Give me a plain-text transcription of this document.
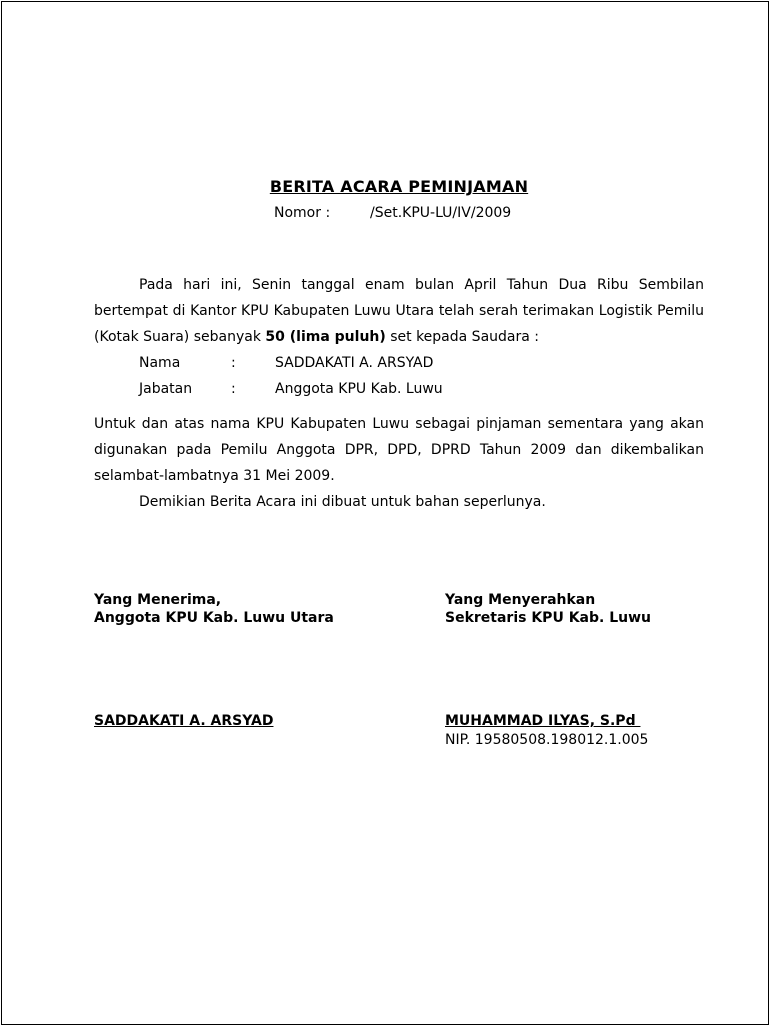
BERITA ACARA PEMINJAMAN
Nomor :	/Set.KPU-LU/IV/2009
Pada hari ini, Senin tanggal enam bulan April Tahun Dua Ribu Sembilan bertempat di Kantor KPU Kabupaten Luwu Utara telah serah terimakan Logistik Pemilu (Kotak Suara) sebanyak 50 (lima puluh) set kepada Saudara :
Nama	:	SADDAKATI A. ARSYAD
Jabatan	:	Anggota KPU Kab. Luwu
Untuk dan atas nama KPU Kabupaten Luwu sebagai pinjaman sementara yang akan digunakan pada Pemilu Anggota DPR, DPD, DPRD Tahun 2009 dan dikembalikan selambat-lambatnya 31 Mei 2009.
Demikian Berita Acara ini dibuat untuk bahan seperlunya.
Yang Menerima,
Anggota KPU Kab. Luwu Utara
Yang Menyerahkan
Sekretaris KPU Kab. Luwu
SADDAKATI A. ARSYAD	MUHAMMAD ILYAS, S.Pd
NIP. 19580508.198012.1.005
